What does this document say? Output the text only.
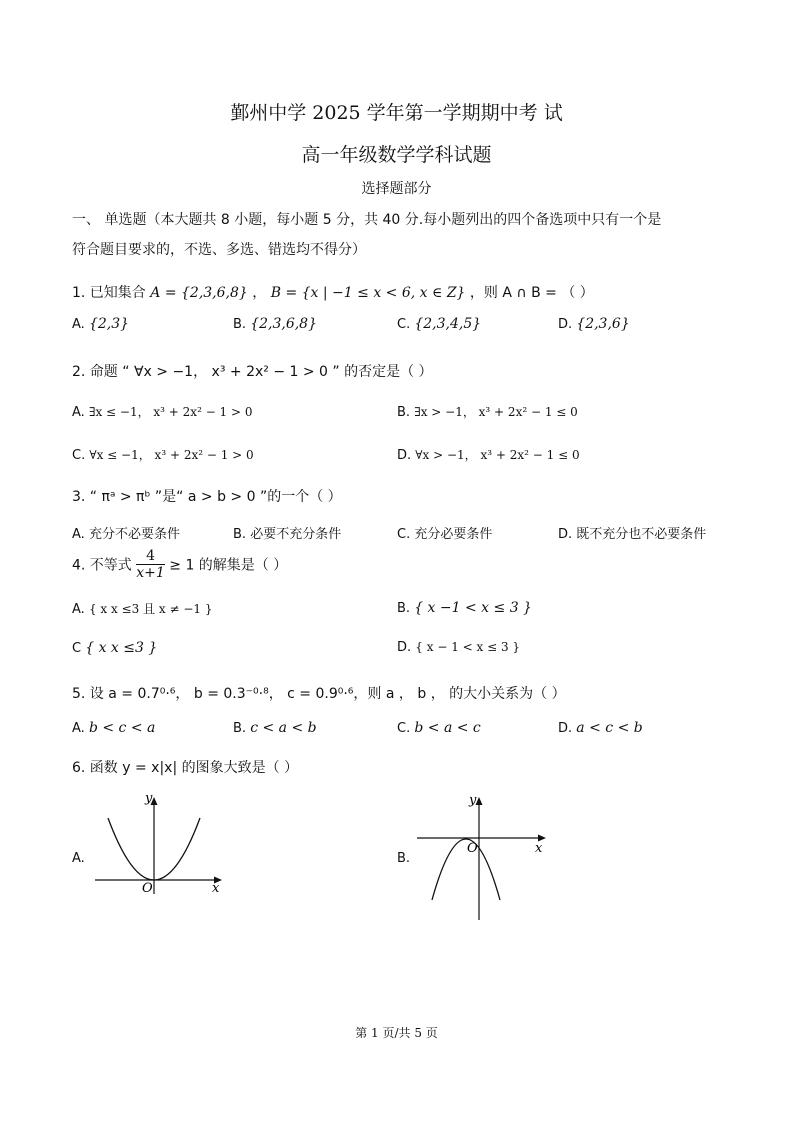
鄞州中学 2025 学年第一学期期中考 试
高一年级数学学科试题
选择题部分
一、 单选题（本大题共 8 小题，每小题 5 分，共 40 分.每小题列出的四个备选项中只有一个是
符合题目要求的，不选、多选、错选均不得分）
1. 已知集合 A = {2,3,6,8} ， B = {x | −1 ≤ x < 6, x ∈ Z} ，则 A ∩ B = （ ）
A. {2,3}	B. {2,3,6,8}	C. {2,3,4,5}	D. {2,3,6}
2. 命题 “ ∀x > −1， x³ + 2x² − 1 > 0 ” 的否定是（ ）
A. ∃x ≤ −1， x³ + 2x² − 1 > 0	B. ∃x > −1， x³ + 2x² − 1 ≤ 0
C. ∀x ≤ −1， x³ + 2x² − 1 > 0	D. ∀x > −1， x³ + 2x² − 1 ≤ 0
3. “ πᵃ > πᵇ ”是“ a > b > 0 ”的一个（ ）
A. 充分不必要条件	B. 必要不充分条件	C. 充分必要条件	D. 既不充分也不必要条件
4. 不等式 $\frac{4}{x+1} \ge 1$ 的解集是（ ）
A. { x x ≤3 且 x ≠ −1 }	B. { x −1 < x ≤ 3 }
C { x x ≤3 }	D. { x − 1 < x ≤ 3 }
5. 设 a = 0.7⁰·⁶， b = 0.3⁻⁰·⁸， c = 0.9⁰·⁶，则 a ， b ， 的大小关系为（ ）
A. b < c < a	B. c < a < b	C. b < a < c	D. a < c < b
6. 函数 y = x|x| 的图象大致是（ ）
A.
y
x
O
B.
y
x
O
第 1 页/共 5 页
